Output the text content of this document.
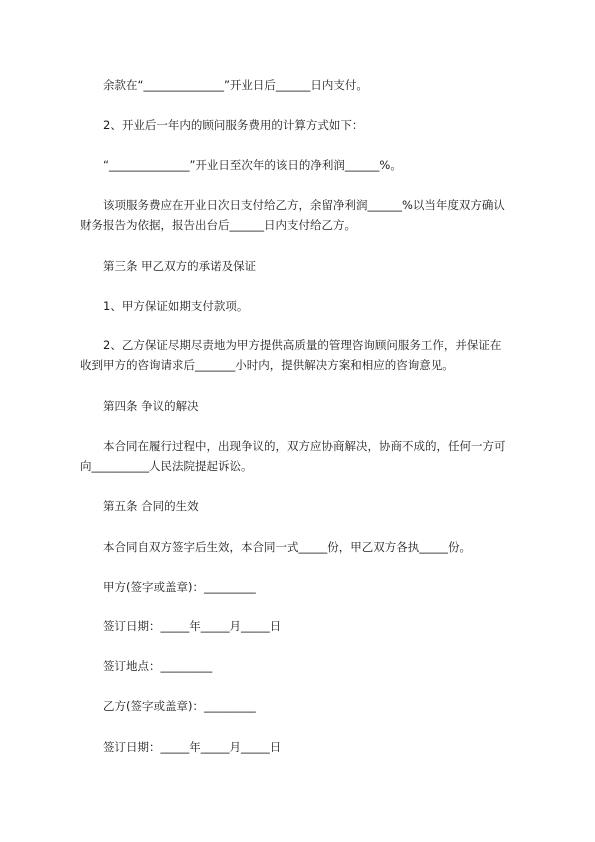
余款在“______________”开业日后______日内支付。

2、开业后一年内的顾问服务费用的计算方式如下：

“______________”开业日至次年的该日的净利润______%。

该项服务费应在开业日次日支付给乙方，余留净利润______%以当年度双方确认
财务报告为依据，报告出台后______日内支付给乙方。

第三条 甲乙双方的承诺及保证

1、甲方保证如期支付款项。

2、乙方保证尽期尽责地为甲方提供高质量的管理咨询顾问服务工作，并保证在
收到甲方的咨询请求后_______小时内，提供解决方案和相应的咨询意见。

第四条 争议的解决

本合同在履行过程中，出现争议的，双方应协商解决，协商不成的，任何一方可
向__________人民法院提起诉讼。

第五条 合同的生效

本合同自双方签字后生效，本合同一式_____份，甲乙双方各执_____份。

甲方(签字或盖章)：_________

签订日期：_____年_____月_____日

签订地点：_________

乙方(签字或盖章)：_________

签订日期：_____年_____月_____日
